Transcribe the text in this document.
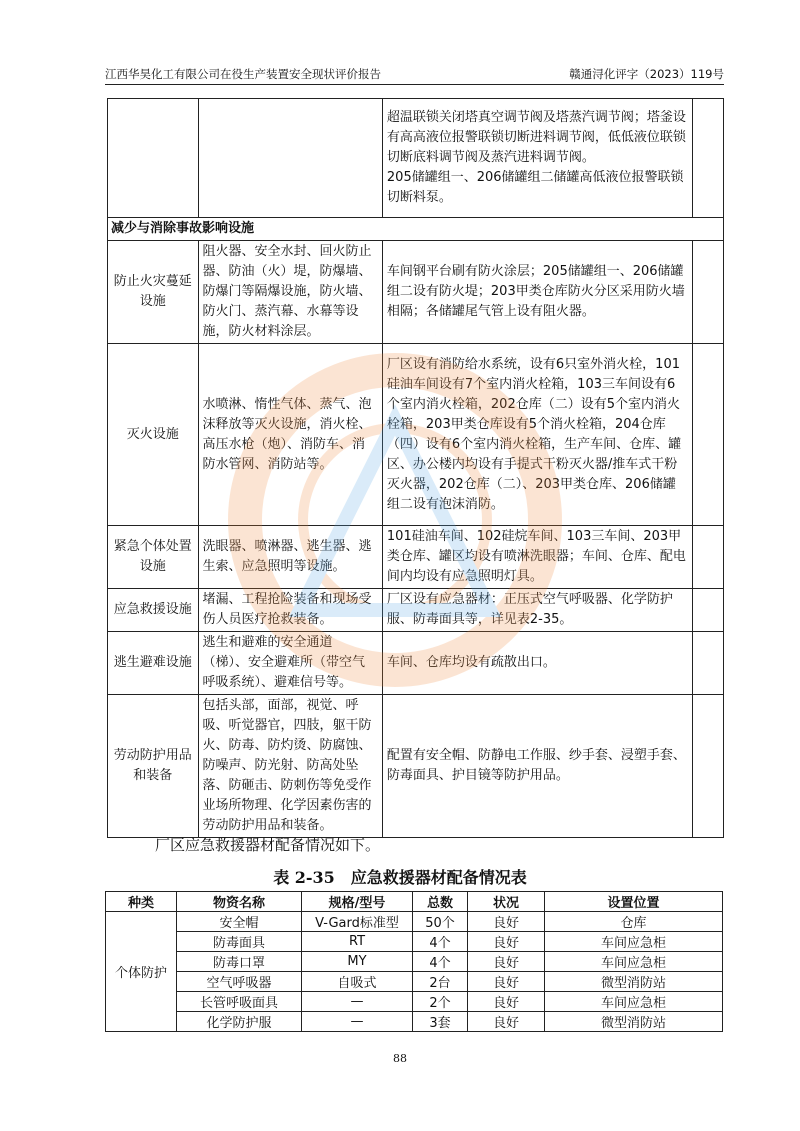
江西华昊化工有限公司在役生产装置安全现状评价报告	赣通浔化评字（2023）119号
		超温联锁关闭塔真空调节阀及塔蒸汽调节阀；塔釜设有高高液位报警联锁切断进料调节阀，低低液位联锁切断底料调节阀及蒸汽进料调节阀。
205储罐组一、206储罐组二储罐高低液位报警联锁切断料泵。	
减少与消除事故影响设施			
防止火灾蔓延设施	阻火器、安全水封、回火防止器、防油（火）堤，防爆墙、防爆门等隔爆设施，防火墙、防火门、蒸汽幕、水幕等设施，防火材料涂层。	车间钢平台刷有防火涂层；205储罐组一、206储罐组二设有防火堤；203甲类仓库防火分区采用防火墙相隔；各储罐尾气管上设有阻火器。	
灭火设施	水喷淋、惰性气体、蒸气、泡沫释放等灭火设施，消火栓、高压水枪（炮）、消防车、消防水管网、消防站等。	厂区设有消防给水系统，设有6只室外消火栓，101硅油车间设有7个室内消火栓箱，103三车间设有6个室内消火栓箱，202仓库（二）设有5个室内消火栓箱，203甲类仓库设有5个消火栓箱，204仓库（四）设有6个室内消火栓箱，生产车间、仓库、罐区、办公楼内均设有手提式干粉灭火器/推车式干粉灭火器，202仓库（二）、203甲类仓库、206储罐组二设有泡沫消防。	
紧急个体处置设施	洗眼器、喷淋器、逃生器、逃生索、应急照明等设施。	101硅油车间、102硅烷车间、103三车间、203甲类仓库、罐区均设有喷淋洗眼器；车间、仓库、配电间内均设有应急照明灯具。	
应急救援设施	堵漏、工程抢险装备和现场受伤人员医疗抢救装备。	厂区设有应急器材：正压式空气呼吸器、化学防护服、防毒面具等，详见表2-35。	
逃生避难设施	逃生和避难的安全通道（梯）、安全避难所（带空气呼吸系统）、避难信号等。	车间、仓库均设有疏散出口。	
劳动防护用品和装备	包括头部，面部，视觉、呼吸、听觉器官，四肢，躯干防火、防毒、防灼烫、防腐蚀、防噪声、防光射、防高处坠落、防砸击、防刺伤等免受作业场所物理、化学因素伤害的劳动防护用品和装备。	配置有安全帽、防静电工作服、纱手套、浸塑手套、防毒面具、护目镜等防护用品。	
厂区应急救援器材配备情况如下。
表 2-35　应急救援器材配备情况表
种类	物资名称	规格/型号	总数	状况	设置位置
个体防护	安全帽	V-Gard标准型	50个	良好	仓库
	防毒面具	RT	4个	良好	车间应急柜
	防毒口罩	MY	4个	良好	车间应急柜
	空气呼吸器	自吸式	2台	良好	微型消防站
	长管呼吸面具	—	2个	良好	车间应急柜
	化学防护服	—	3套	良好	微型消防站
88
